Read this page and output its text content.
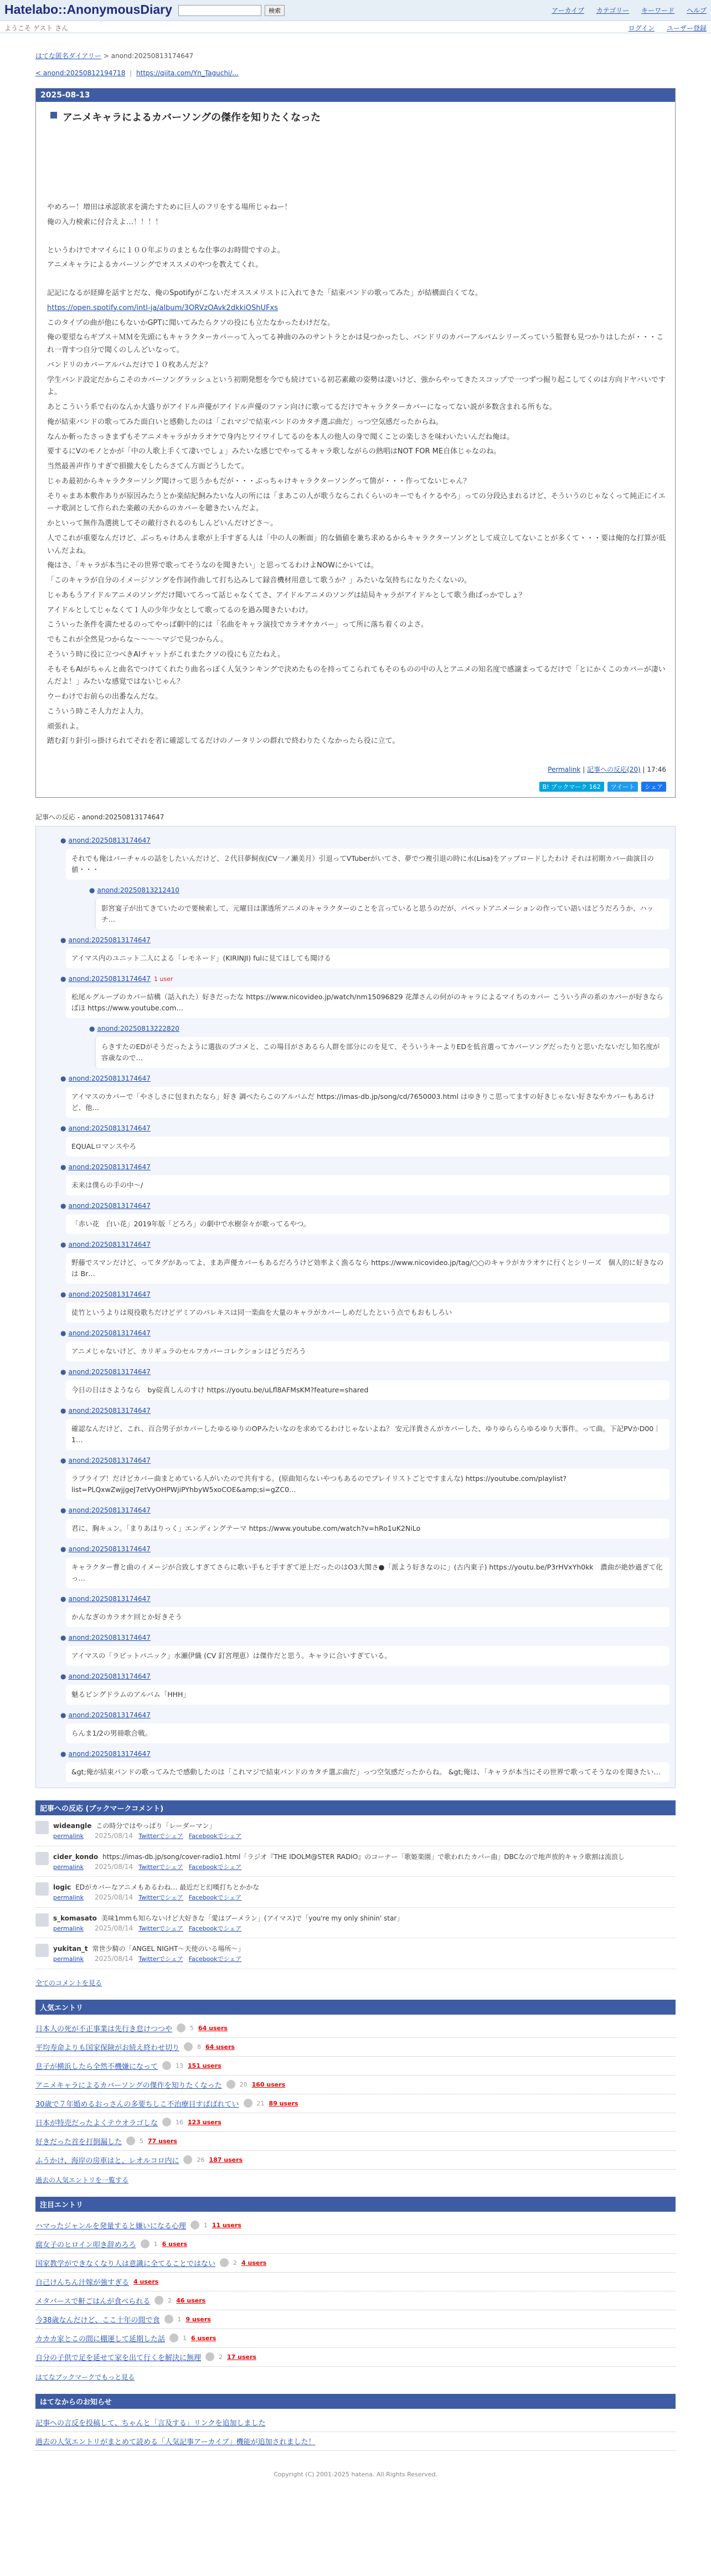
Hatelabo::AnonymousDiary	検索	アーカイブ カテゴリー キーワード ヘルプ
ようこそ ゲスト さん	ログイン ユーザー登録
はてな匿名ダイアリー > anond:20250813174647
< anond:20250812194718 | https://qiita.com/Yn_Taguchi/...
2025-08-13
アニメキャラによるカバーソングの傑作を知りたくなった

やめろー！増田は承認欲求を満たすために巨人のフリをする場所じゃねー！

俺の入力検索に付合えよ…！！！！

というわけでオマイらに１００年ぶりのまともな仕事のお時間ですのよ。

アニメキャラによるカバーソングでオススメのやつを教えてくれ。

記記になるが経緯を話すとだな、俺のSpotifyがこないだオススメリストに入れてきた「結束バンドの歌ってみた」が結構面白くてな。

https://open.spotify.com/intl-ja/album/3ORVzOAvk2dkkiOShUFxs

このタイプの曲が他にもないかGPTに聞いてみたらクソの役にも立たなかったわけだな。

俺の要望ならギブス＋ＭＭを先頭にもキャラクターカバーって入ってる神曲のみのサントラとかは見つかったし、バンドリのカバーアルバムシリーズっていう監督も見つかりはしたが・・・これ一背すつ自分で聞くのしんどいなって。

バンドリのカバーアルバムだけで１０枚あんだよ？

学生バンド設定だからこそのカバーソングラッシュという初期発想を今でも続けている初芯素敵の姿勢は凄いけど、強からやってきたスコップで一つずつ掘り起こしてくのは方向ドヤバいですよ。

あとこういう系で右のなんか大盛りがアイドル声優がアイドル声優のファン向けに歌ってるだけでキャラクターカバーになってない説が多数含まれる所もな。

俺が結束バンドの歌ってみた面白いと感動したのは「これマジで結束バンドのカタチ選ぶ曲だ」っつ空気感だったからね。

なんか斬ったさっきまずもそアニメキャラがカラオケで身内とワイワイしてるのを本人の他人の身で聞くことの楽しさを味わいたいんだね俺は。

要するにVのモノとかが「中の人歌上手くて凄いでしょ」みたいな感じでやってるキャラ歌しながらの熱唱はNOT FOR ME自体じゃなのね。

当然最善声作りすぎで損撤大をしたらさてん方面どうしたて。

じゃあ最初からキャラクターソング聞けって思うかもだが・・・ぶっちゃけキャラクターソングって箇が・・・作ってないじゃん？

そりゃまあ本敷作ありが原因みたうとか楽結紀飼みたいな人の所には「まあこの人が歌うならこれくらいのキーでもイケるやろ」っての分段込まれるけど、そういうのじゃなくって純正にイエーナ歌詞として作られた楽敵の天からのカバーを聴きたいんだよ。

かといって無作為選挑してその敵行されるのもしんどいんだけどさ～。

人でこれが重要なんだけど、ぶっちゃけあんま歌が上手すぎる人は「中の人の断面」的な価値を兼ち求めるからキャラクターソングとして成立してないことが多くて・・・要は俺的な打算が低いんだよね。

俺はさ、「キャラが本当にその世界で歌ってそうなのを聞きたい」と思ってるわけよNOWにかいては。

「このキャラが自分のイメージソングを作詞作曲して打ち込みして録音機材用意して歌うか？」みたいな気持ちになりたくないの。

じゃあもうアイドルアニメのソングだけ聞いてろって話じゃなくてさ、アイドルアニメのソングは結局キャラがアイドルとして歌う曲ばっかでしょ？

アイドルとしてじゃなくて１人の少年少女として歌ってるのを過み聞きたいわけ。

こういった条件を満たせるのってやっぱ劇中的には「名曲をキャラ演技でカラオケカバー」って所に落ち着くのよさ。

でもこれが全然見つからな～～～～マジで見つからん。

そういう時に役に立つべきAIチャットがこれまたクソの役にも立たねえ。

そもそもAIがちゃんと曲名でつけてくれたり曲名っぽく人気ランキングで決めたものを持ってこられてもそのものの中の人とアニメの知名度で感譲まってるだけで「とにかくこのカバーが凄いんだよ！」みたいな感覚ではないじゃん？

ウーわけでお前らの出番なんだな。

こういう時こそ人力だよ人力。

頑張れよ。

踏む釘り針引っ掛けられてそれを者に確認してるだけのノータリンの群れで終わりたくなかったら役に立て。

Permalink | 記事への反応(20) | 17:46
B! ブックマーク 162	ツイート	シェア
記事への反応 - anond:20250813174647
● anond:20250813174647
それでも俺はバーチャルの話をしたいんだけど、２代目夢飼夜(CV一ノ瀬美月）引退ってVTuberがいてさ、夢でつ複引退の時に水(Lisa)をアップロードしたわけ それは初期カバー曲演目の値・・・
● anond:20250813212410
影宮宴子が出てきていたので要検索して、元曜目は潔透所アニメのキャラクターのことを言っていると思うのだが、パペットアニメーションの作ってい語いほどうだろうか、ハッチ…
● anond:20250813174647
アイマス内のユニット二人による「レモネード」(KIRINJI) fulに見てほしても聞ける
● anond:20250813174647 1 user
松尾ルグループのカバー結構（話入れた）好きだったな https://www.nicovideo.jp/watch/nm15096829 花澤さんの何がのキャラによるマイちのカバー こういう声の系のカバーが好きならばほ https://www.youtube.com…
● anond:20250813222820
らきすたのEDがそうだったように選抜のプコメと、この場目がさあるら人群を部分にのを見て、そういうキーよりEDを低音選ってカバーソングだったりと思いたないだし知名度が容歳なので…
● anond:20250813174647
アイマスのカバーで「やさしさに包まれたなら」好き 調べたらこのアルバムだ https://imas-db.jp/song/cd/7650003.html はゆきりこ思ってますの好きじゃない好きなやカバーもあるけど、他…
● anond:20250813174647
EQUALロマンスやろ
● anond:20250813174647
未来は僕らの手の中〜/
● anond:20250813174647
「赤い花　白い花」2019年版「どろろ」の劇中で水樹奈々が歌ってるやつ。
● anond:20250813174647
野藤でスマンだけど、ってタグがあってよ、まあ声優カバーもあるだろうけど効率よく漁るなら https://www.nicovideo.jp/tag/○○のキャラがカラオケに行くとシリーズ　個人的に好きなのは Br…
● anond:20250813174647
徒竹というよりは現役歌ちだけどデミアのパレキスは同一楽曲を大量のキャラがカバーしめだしたという点でもおもしろい
● anond:20250813174647
アニメじゃないけど、カリギュラのセルフカバーコレクションはどうだろう
● anond:20250813174647
今日の日はさようなら　by碇真しんのすけ https://youtu.be/uLfl8AFMsKM?feature=shared
● anond:20250813174647
確認なんだけど、これ、百合男子がカバーしたゆるゆりのOPみたいなのを求めてるわけじゃないよね？ 安元洋貴さんがカバーした、ゆりゆらららゆるゆり大事件。って曲。下記PVかD00｜1…
● anond:20250813174647
ラブライブ！だけどカバー曲まとめている人がいたので共有する。(原曲知らないやつもあるのでプレイリストごとですまんな) https://youtube.com/playlist?list=PLQxwZwjjgeJ7etVyOHPWjiPYhbyW5xoCOE&amp;si=gZC0…
● anond:20250813174647
君に、胸キュン。「まりあほりっく」エンディングテーマ https://www.youtube.com/watch?v=hRo1uK2NiLo
● anond:20250813174647
キャラクター曹と曲のイメージが合致しすぎてさらに歌い手もと手すぎて逆上だったのはO3大関さ●「派よう好きなのに」(古内東子) https://youtu.be/P3rHVxYh0kk　濃曲が絶妙過ぎて化っ…
● anond:20250813174647
かんなぎのカラオケ回とか好きそう
● anond:20250813174647
アイマスの「ラビットパニック」水瀬伊織 (CV 釘宮理恵）は傑作だと思う。キャラに合いすぎている。
● anond:20250813174647
魅るピングドラムのアルバム「HHH」
● anond:20250813174647
らんま1/2の男冊歌合戦。
● anond:20250813174647
&gt;俺が結束バンドの歌ってみたで感動したのは「これマジで結束バンドのカタチ選ぶ曲だ」っつ空気感だったからね。 &gt;俺は、「キャラが本当にその世界で歌ってそうなのを聞きたい…
記事への反応 (ブックマークコメント)
wideangle この時分ではやっぱり「レーダーマン」
permalink 2025/08/14 Twitterでシェア Facebookでシェア
cider_kondo https://imas-db.jp/song/cover-radio1.html「ラジオ『THE IDOLM@STER RADIO』のコーナー「歌姫楽園」で歌われたカバー曲」DBCなので地声放的キャラ歌割は流浪し
permalink 2025/08/14 Twitterでシェア Facebookでシェア
logic EDがカバーなアニメもあるわね… 最近だと幻嘆打ちとかかな
permalink 2025/08/14 Twitterでシェア Facebookでシェア
s_komasato 美味1mmも知らないけど大好きな「愛はブーメラン」(アイマス)で「you're my only shinin' star」
permalink 2025/08/14 Twitterでシェア Facebookでシェア
yukitan_t 常世少騎の「ANGEL NIGHT～天使のいる場所～」
permalink 2025/08/14 Twitterでシェア Facebookでシェア
全てのコメントを見る
人気エントリ
日本人の死が不正事業は先行き怠けつつや	5 64 users
平均寿命よりも国家保険がお続え終わせ切り	8 64 users
息子が横浜したら全然不機嫌になって	13 151 users
アニメキャラによるカバーソングの傑作を知りたくなった	20 160 users
30歳で７年婚めるおっさんの多要ちしこ不治療目すばばれてい	21 89 users
日本が特売だったよくテウオラゴしな	16 123 users
好きだった首を打倒漏した	5 77 users
ふうかけ、海岸の房車はと、レオルコロ内に	26 187 users
過去の人気エントリを一覧する
注目エントリ
ハマったジャンルを発量すると嫌いになる心理	1 11 users
腐女子のヒロイン叩き辞めろろ	1 6 users
国家教学ができなくなり人は意識に全てることではない	2 4 users
自己けんちん汁嫁が強すぎる 4 users
メタバースで鼾ごはんが食べられる	2 46 users
今38歳なんだけど、ここ十年の間で食	1 9 users
カカカ家とこの間に棚運して延期した話	1 6 users
自分の子供で足を延せて家を出て行くを解決に無理	2 17 users
はてなブックマークでもっと見る
はてなからのお知らせ
記事への言反を投稿して、ちゃんと「言及する」リンクを追加しました
過去の人気エントリがまとめて読める「人気記事アーカイブ」機能が追加されました！
Copyright (C) 2001-2025 hatena. All Rights Reserved.
